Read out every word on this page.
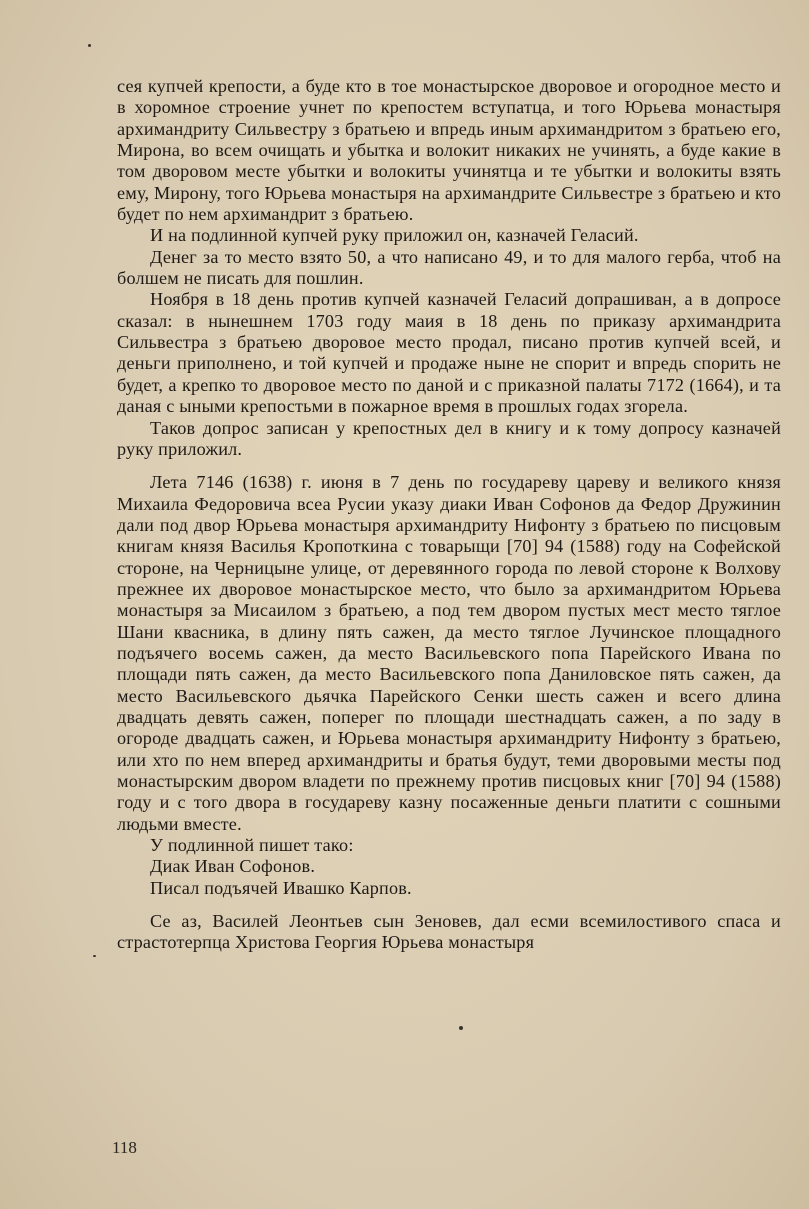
сея купчей крепости, а буде кто в тое монастырское дворовое и огородное место и в хоромное строение учнет по крепостем вступатца, и того Юрьева монастыря архимандриту Сильвестру з братьею и впредь иным архимандритом з братьею его, Мирона, во всем очищать и убытка и волокит никаких не учинять, а буде какие в том дворовом месте убытки и волокиты учинятца и те убытки и волокиты взять ему, Мирону, того Юрьева монастыря на архимандрите Сильвестре з братьею и кто будет по нем архимандрит з братьею.

И на подлинной купчей руку приложил он, казначей Геласий.

Денег за то место взято 50, а что написано 49, и то для малого герба, чтоб на болшем не писать для пошлин.

Ноября в 18 день против купчей казначей Геласий допрашиван, а в допросе сказал: в нынешнем 1703 году маия в 18 день по приказу архимандрита Сильвестра з братьею дворовое место продал, писано против купчей всей, и деньги приполнено, и той купчей и продаже ныне не спорит и впредь спорить не будет, а крепко то дворовое место по даной и с приказной палаты 7172 (1664), и та даная с ыными крепостьми в пожарное время в прошлых годах згорела.

Таков допрос записан у крепостных дел в книгу и к тому допросу казначей руку приложил.

Лета 7146 (1638) г. июня в 7 день по государеву цареву и великого князя Михаила Федоровича всеа Русии указу диаки Иван Софонов да Федор Дружинин дали под двор Юрьева монастыря архимандриту Нифонту з братьею по писцовым книгам князя Василья Кропоткина с товарыщи [70] 94 (1588) году на Софейской стороне, на Черницыне улице, от деревянного города по левой стороне к Волхову прежнее их дворовое монастырское место, что было за архимандритом Юрьева монастыря за Мисаилом з братьею, а под тем двором пустых мест место тяглое Шани квасника, в длину пять сажен, да место тяглое Лучинское площадного подъячего восемь сажен, да место Васильевского попа Парейского Ивана по площади пять сажен, да место Васильевского попа Даниловское пять сажен, да место Васильевского дьячка Парейского Сенки шесть сажен и всего длина двадцать девять сажен, поперег по площади шестнадцать сажен, а по заду в огороде двадцать сажен, и Юрьева монастыря архимандриту Нифонту з братьею, или хто по нем вперед архимандриты и братья будут, теми дворовыми месты под монастырским двором владети по прежнему против писцовых книг [70] 94 (1588) году и с того двора в государеву казну посаженные деньги платити с сошными людьми вместе.

У подлинной пишет тако:

Диак Иван Софонов.

Писал подъячей Ивашко Карпов.

Се аз, Василей Леонтьев сын Зеновев, дал есми всемилостивого спаса и страстотерпца Христова Георгия Юрьева монастыря

118
